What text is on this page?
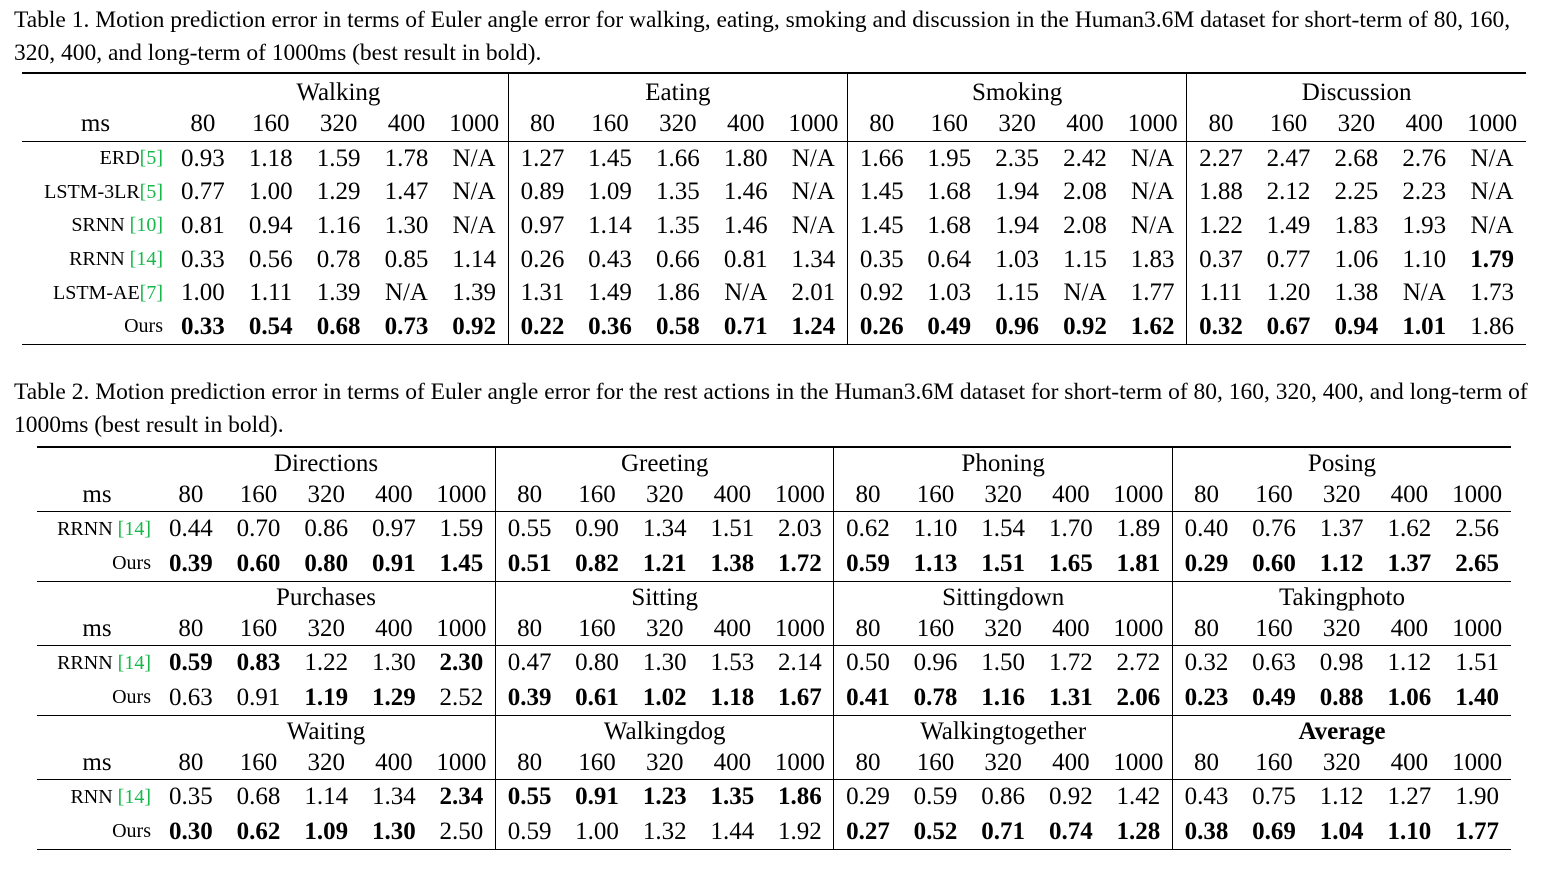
Table 1. Motion prediction error in terms of Euler angle error for walking, eating, smoking and discussion in the Human3.6M dataset for short-term of 80, 160, 320, 400, and long-term of 1000ms (best result in bold).

	Walking					Eating					Smoking					Discussion				
ms	80	160	320	400	1000	80	160	320	400	1000	80	160	320	400	1000	80	160	320	400	1000
ERD[5]	0.93	1.18	1.59	1.78	N/A	1.27	1.45	1.66	1.80	N/A	1.66	1.95	2.35	2.42	N/A	2.27	2.47	2.68	2.76	N/A
LSTM-3LR[5]	0.77	1.00	1.29	1.47	N/A	0.89	1.09	1.35	1.46	N/A	1.45	1.68	1.94	2.08	N/A	1.88	2.12	2.25	2.23	N/A
SRNN [10]	0.81	0.94	1.16	1.30	N/A	0.97	1.14	1.35	1.46	N/A	1.45	1.68	1.94	2.08	N/A	1.22	1.49	1.83	1.93	N/A
RRNN [14]	0.33	0.56	0.78	0.85	1.14	0.26	0.43	0.66	0.81	1.34	0.35	0.64	1.03	1.15	1.83	0.37	0.77	1.06	1.10	1.79
LSTM-AE[7]	1.00	1.11	1.39	N/A	1.39	1.31	1.49	1.86	N/A	2.01	0.92	1.03	1.15	N/A	1.77	1.11	1.20	1.38	N/A	1.73
Ours	0.33	0.54	0.68	0.73	0.92	0.22	0.36	0.58	0.71	1.24	0.26	0.49	0.96	0.92	1.62	0.32	0.67	0.94	1.01	1.86

Table 2. Motion prediction error in terms of Euler angle error for the rest actions in the Human3.6M dataset for short-term of 80, 160, 320, 400, and long-term of 1000ms (best result in bold).

	Directions					Greeting					Phoning					Posing				
ms	80	160	320	400	1000	80	160	320	400	1000	80	160	320	400	1000	80	160	320	400	1000
RRNN [14]	0.44	0.70	0.86	0.97	1.59	0.55	0.90	1.34	1.51	2.03	0.62	1.10	1.54	1.70	1.89	0.40	0.76	1.37	1.62	2.56
Ours	0.39	0.60	0.80	0.91	1.45	0.51	0.82	1.21	1.38	1.72	0.59	1.13	1.51	1.65	1.81	0.29	0.60	1.12	1.37	2.65
	Purchases					Sitting					Sittingdown					Takingphoto				
ms	80	160	320	400	1000	80	160	320	400	1000	80	160	320	400	1000	80	160	320	400	1000
RRNN [14]	0.59	0.83	1.22	1.30	2.30	0.47	0.80	1.30	1.53	2.14	0.50	0.96	1.50	1.72	2.72	0.32	0.63	0.98	1.12	1.51
Ours	0.63	0.91	1.19	1.29	2.52	0.39	0.61	1.02	1.18	1.67	0.41	0.78	1.16	1.31	2.06	0.23	0.49	0.88	1.06	1.40
	Waiting					Walkingdog					Walkingtogether					Average				
ms	80	160	320	400	1000	80	160	320	400	1000	80	160	320	400	1000	80	160	320	400	1000
RNN [14]	0.35	0.68	1.14	1.34	2.34	0.55	0.91	1.23	1.35	1.86	0.29	0.59	0.86	0.92	1.42	0.43	0.75	1.12	1.27	1.90
Ours	0.30	0.62	1.09	1.30	2.50	0.59	1.00	1.32	1.44	1.92	0.27	0.52	0.71	0.74	1.28	0.38	0.69	1.04	1.10	1.77
